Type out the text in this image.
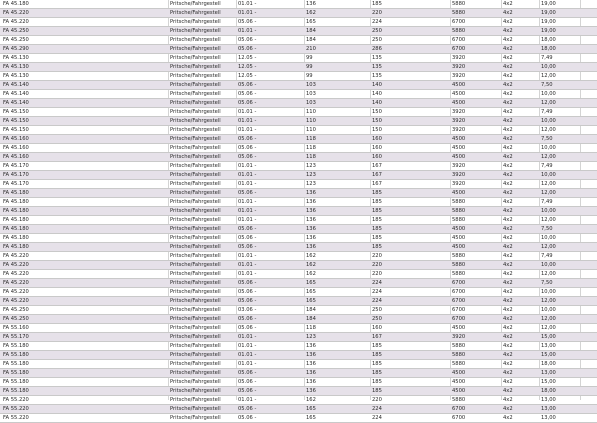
FA 45.180	Pritsche/Fahrgestell	01.01 -	136	185	5880	4x2	19,00
FA 45.220	Pritsche/Fahrgestell	01.01 -	162	220	5880	4x2	19,00
FA 45.220	Pritsche/Fahrgestell	05.06 -	165	224	6700	4x2	19,00
FA 45.250	Pritsche/Fahrgestell	01.01 -	184	250	5880	4x2	19,00
FA 45.250	Pritsche/Fahrgestell	05.06 -	184	250	6700	4x2	18,00
FA 45.290	Pritsche/Fahrgestell	05.06 -	210	286	6700	4x2	18,00
FA 45.130	Pritsche/Fahrgestell	12.05 -	99	135	3920	4x2	7,49
FA 45.130	Pritsche/Fahrgestell	12.05 -	99	135	3920	4x2	10,00
FA 45.130	Pritsche/Fahrgestell	12.05 -	99	135	3920	4x2	12,00
FA 45.140	Pritsche/Fahrgestell	05.06 -	103	140	4500	4x2	7,50
FA 45.140	Pritsche/Fahrgestell	05.06 -	103	140	4500	4x2	10,00
FA 45.140	Pritsche/Fahrgestell	05.06 -	103	140	4500	4x2	12,00
FA 45.150	Pritsche/Fahrgestell	01.01 -	110	150	3920	4x2	7,49
FA 45.150	Pritsche/Fahrgestell	01.01 -	110	150	3920	4x2	10,00
FA 45.150	Pritsche/Fahrgestell	01.01 -	110	150	3920	4x2	12,00
FA 45.160	Pritsche/Fahrgestell	05.06 -	118	160	4500	4x2	7,50
FA 45.160	Pritsche/Fahrgestell	05.06 -	118	160	4500	4x2	10,00
FA 45.160	Pritsche/Fahrgestell	05.06 -	118	160	4500	4x2	12,00
FA 45.170	Pritsche/Fahrgestell	01.01 -	123	167	3920	4x2	7,49
FA 45.170	Pritsche/Fahrgestell	01.01 -	123	167	3920	4x2	10,00
FA 45.170	Pritsche/Fahrgestell	01.01 -	123	167	3920	4x2	12,00
FA 45.180	Pritsche/Fahrgestell	05.06 -	136	185	4500	4x2	12,00
FA 45.180	Pritsche/Fahrgestell	01.01 -	136	185	5880	4x2	7,49
FA 45.180	Pritsche/Fahrgestell	01.01 -	136	185	5880	4x2	10,00
FA 45.180	Pritsche/Fahrgestell	01.01 -	136	185	5880	4x2	12,00
FA 45.180	Pritsche/Fahrgestell	05.06 -	136	185	4500	4x2	7,50
FA 45.180	Pritsche/Fahrgestell	05.06 -	136	185	4500	4x2	10,00
FA 45.180	Pritsche/Fahrgestell	05.06 -	136	185	4500	4x2	12,00
FA 45.220	Pritsche/Fahrgestell	01.01 -	162	220	5880	4x2	7,49
FA 45.220	Pritsche/Fahrgestell	01.01 -	162	220	5880	4x2	10,00
FA 45.220	Pritsche/Fahrgestell	01.01 -	162	220	5880	4x2	12,00
FA 45.220	Pritsche/Fahrgestell	05.06 -	165	224	6700	4x2	7,50
FA 45.220	Pritsche/Fahrgestell	05.06 -	165	224	6700	4x2	10,00
FA 45.220	Pritsche/Fahrgestell	05.06 -	165	224	6700	4x2	12,00
FA 45.250	Pritsche/Fahrgestell	03.06 -	184	250	6700	4x2	10,00
FA 45.250	Pritsche/Fahrgestell	05.06 -	184	250	6700	4x2	12,00
FA 55.160	Pritsche/Fahrgestell	05.06 -	118	160	4500	4x2	12,00
FA 55.170	Pritsche/Fahrgestell	01.01 -	123	167	3920	4x2	15,00
FA 55.180	Pritsche/Fahrgestell	01.01 -	136	185	5880	4x2	13,00
FA 55.180	Pritsche/Fahrgestell	01.01 -	136	185	5880	4x2	15,00
FA 55.180	Pritsche/Fahrgestell	01.01 -	136	185	5880	4x2	18,00
FA 55.180	Pritsche/Fahrgestell	05.06 -	136	185	4500	4x2	13,00
FA 55.180	Pritsche/Fahrgestell	05.06 -	136	185	4500	4x2	15,00
FA 55.180	Pritsche/Fahrgestell	05.06 -	136	185	4500	4x2	18,00
FA 55.220	Pritsche/Fahrgestell	01.01 -	162	220	5880	4x2	13,00
FA 55.220	Pritsche/Fahrgestell	05.06 -	165	224	6700	4x2	13,00
FA 55.220	Pritsche/Fahrgestell	05.06 -	165	224	6700	4x2	13,00
